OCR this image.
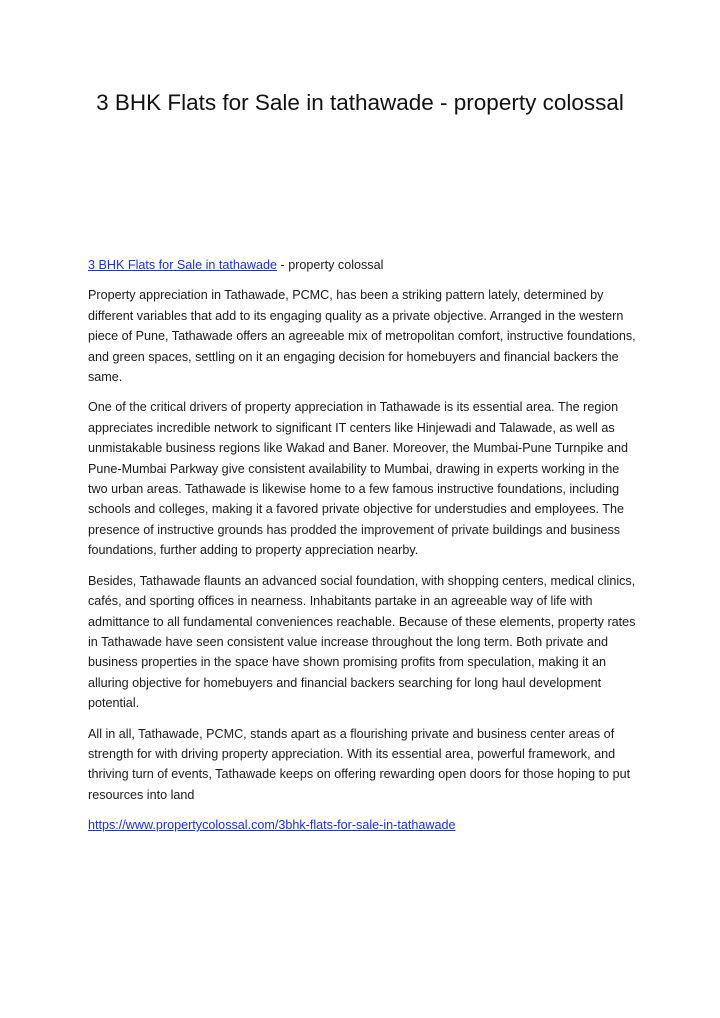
3 BHK Flats for Sale in tathawade - property colossal

3 BHK Flats for Sale in tathawade - property colossal

Property appreciation in Tathawade, PCMC, has been a striking pattern lately, determined by different variables that add to its engaging quality as a private objective. Arranged in the western piece of Pune, Tathawade offers an agreeable mix of metropolitan comfort, instructive foundations, and green spaces, settling on it an engaging decision for homebuyers and financial backers the same.

One of the critical drivers of property appreciation in Tathawade is its essential area. The region appreciates incredible network to significant IT centers like Hinjewadi and Talawade, as well as unmistakable business regions like Wakad and Baner. Moreover, the Mumbai-Pune Turnpike and Pune-Mumbai Parkway give consistent availability to Mumbai, drawing in experts working in the two urban areas. Tathawade is likewise home to a few famous instructive foundations, including schools and colleges, making it a favored private objective for understudies and employees. The presence of instructive grounds has prodded the improvement of private buildings and business foundations, further adding to property appreciation nearby.

Besides, Tathawade flaunts an advanced social foundation, with shopping centers, medical clinics, cafés, and sporting offices in nearness. Inhabitants partake in an agreeable way of life with admittance to all fundamental conveniences reachable. Because of these elements, property rates in Tathawade have seen consistent value increase throughout the long term. Both private and business properties in the space have shown promising profits from speculation, making it an alluring objective for homebuyers and financial backers searching for long haul development potential.

All in all, Tathawade, PCMC, stands apart as a flourishing private and business center areas of strength for with driving property appreciation. With its essential area, powerful framework, and thriving turn of events, Tathawade keeps on offering rewarding open doors for those hoping to put resources into land

https://www.propertycolossal.com/3bhk-flats-for-sale-in-tathawade
